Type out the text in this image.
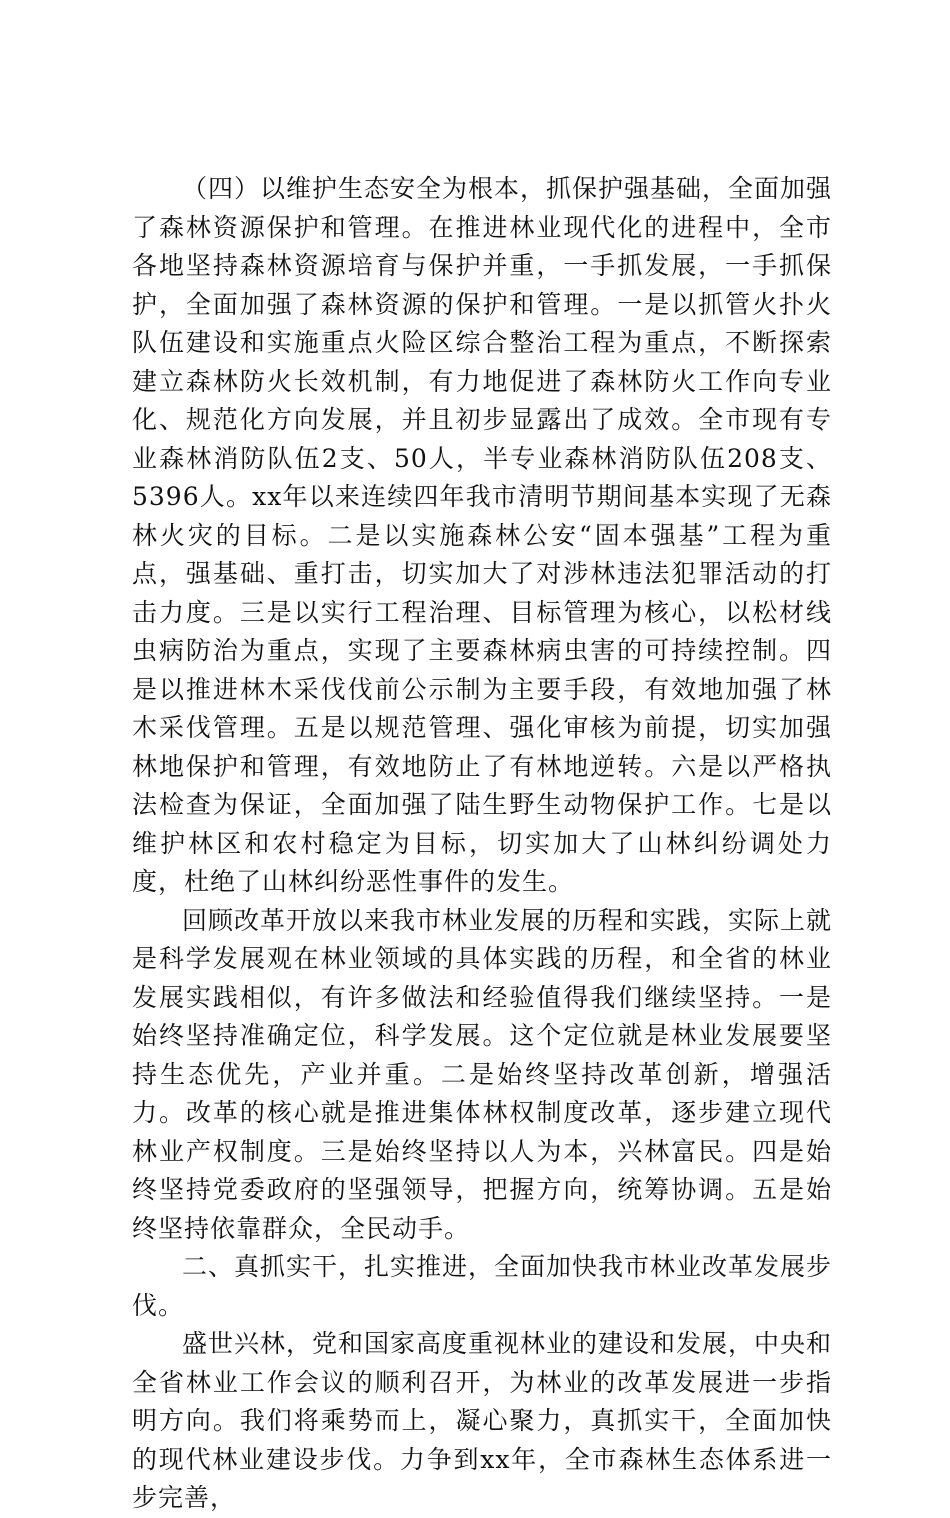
（四）以维护生态安全为根本，抓保护强基础，全面加强了森林资源保护和管理。在推进林业现代化的进程中，全市各地坚持森林资源培育与保护并重，一手抓发展，一手抓保护，全面加强了森林资源的保护和管理。一是以抓管火扑火队伍建设和实施重点火险区综合整治工程为重点，不断探索建立森林防火长效机制，有力地促进了森林防火工作向专业化、规范化方向发展，并且初步显露出了成效。全市现有专业森林消防队伍2支、50人，半专业森林消防队伍208支、5396人。xx年以来连续四年我市清明节期间基本实现了无森林火灾的目标。二是以实施森林公安“固本强基”工程为重点，强基础、重打击，切实加大了对涉林违法犯罪活动的打击力度。三是以实行工程治理、目标管理为核心，以松材线虫病防治为重点，实现了主要森林病虫害的可持续控制。四是以推进林木采伐伐前公示制为主要手段，有效地加强了林木采伐管理。五是以规范管理、强化审核为前提，切实加强林地保护和管理，有效地防止了有林地逆转。六是以严格执法检查为保证，全面加强了陆生野生动物保护工作。七是以维护林区和农村稳定为目标，切实加大了山林纠纷调处力度，杜绝了山林纠纷恶性事件的发生。

回顾改革开放以来我市林业发展的历程和实践，实际上就是科学发展观在林业领域的具体实践的历程，和全省的林业发展实践相似，有许多做法和经验值得我们继续坚持。一是始终坚持准确定位，科学发展。这个定位就是林业发展要坚持生态优先，产业并重。二是始终坚持改革创新，增强活力。改革的核心就是推进集体林权制度改革，逐步建立现代林业产权制度。三是始终坚持以人为本，兴林富民。四是始终坚持党委政府的坚强领导，把握方向，统筹协调。五是始终坚持依靠群众，全民动手。

二、真抓实干，扎实推进，全面加快我市林业改革发展步伐。

盛世兴林，党和国家高度重视林业的建设和发展，中央和全省林业工作会议的顺利召开，为林业的改革发展进一步指明方向。我们将乘势而上，凝心聚力，真抓实干，全面加快的现代林业建设步伐。力争到xx年，全市森林生态体系进一步完善，
